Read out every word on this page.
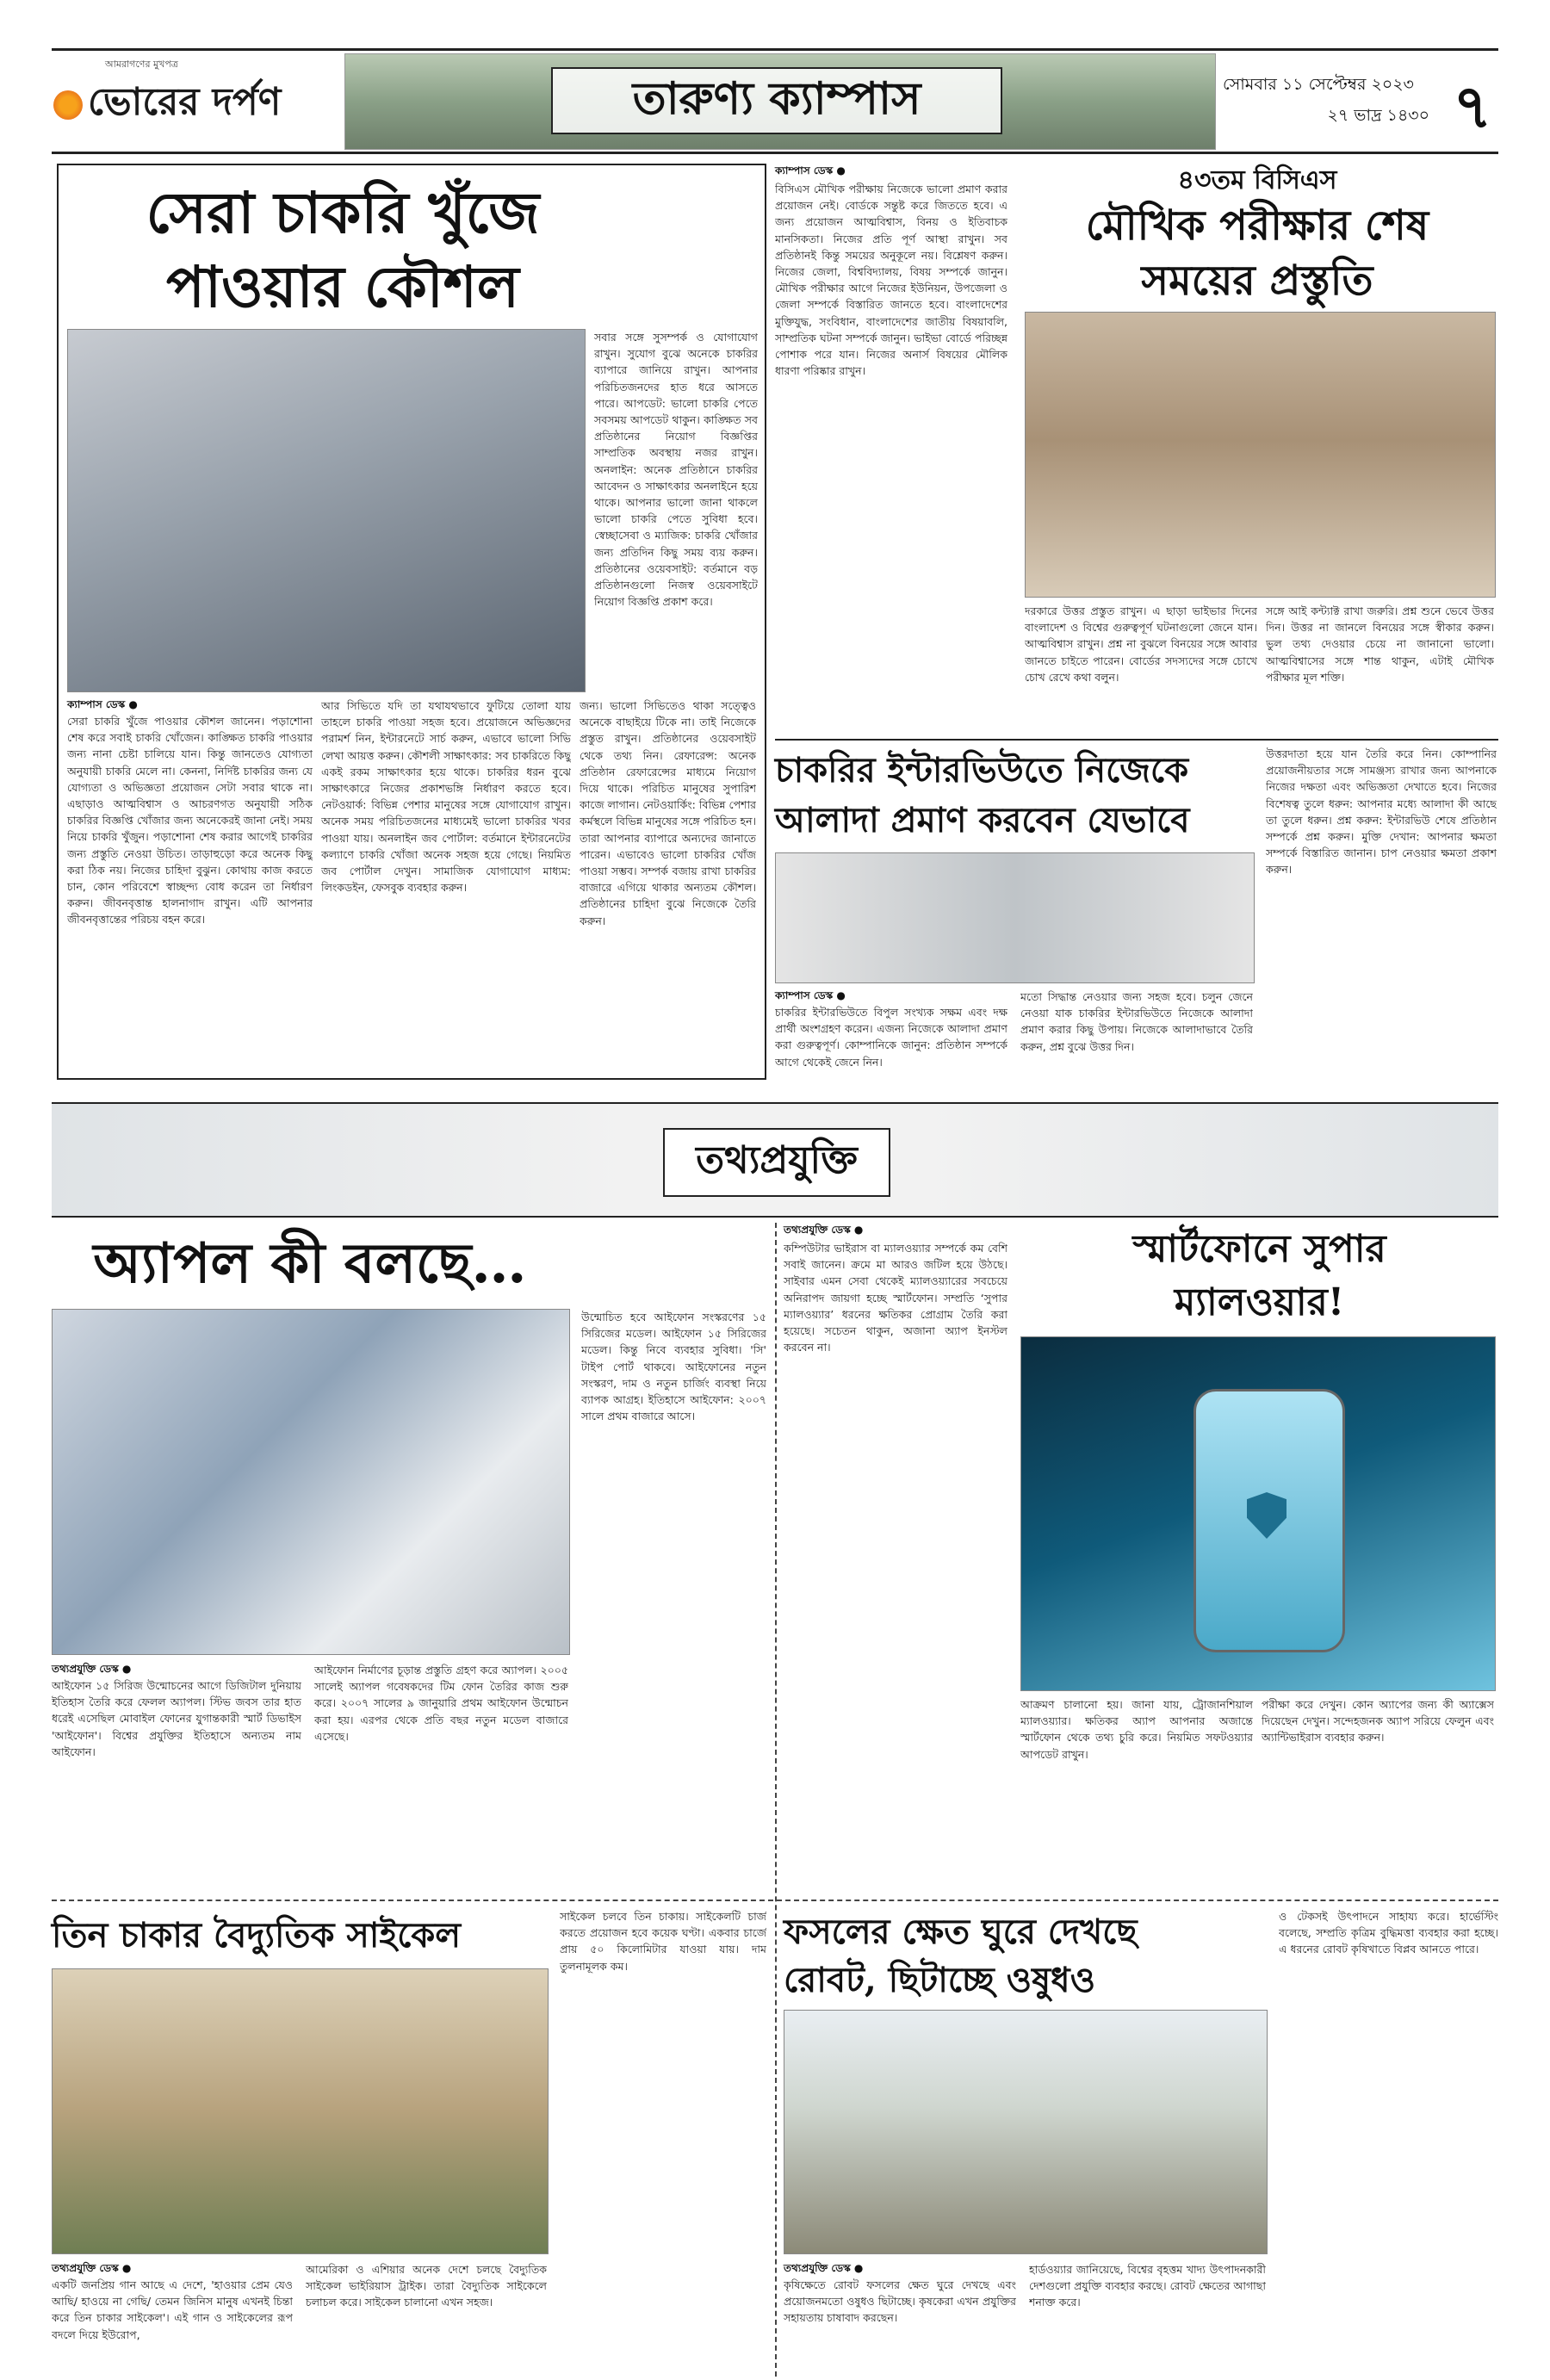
আমরাগণের মুখপত্র
ভোরের দর্পণ	তারুণ্য ক্যাম্পাস	সোমবার ১১ সেপ্টেম্বর ২০২৩
২৭ ভাদ্র ১৪৩০ ৭
সেরা চাকরি খুঁজে
পাওয়ার কৌশল
সবার সঙ্গে সুসম্পর্ক ও যোগাযোগ রাখুন। সুযোগ বুঝে অনেকে চাকরির ব্যাপারে জানিয়ে রাখুন। আপনার পরিচিতজনদের হাত ধরে আসতে পারে। আপডেট: ভালো চাকরি পেতে সবসময় আপডেট থাকুন। কাঙ্ক্ষিত সব প্রতিষ্ঠানের নিয়োগ বিজ্ঞপ্তির সাম্প্রতিক অবস্থায় নজর রাখুন। অনলাইন: অনেক প্রতিষ্ঠানে চাকরির আবেদন ও সাক্ষাৎকার অনলাইনে হয়ে থাকে। আপনার ভালো জানা থাকলে ভালো চাকরি পেতে সুবিধা হবে। স্বেচ্ছাসেবা ও ম্যাজিক: চাকরি খোঁজার জন্য প্রতিদিন কিছু সময় ব্যয় করুন। প্রতিষ্ঠানের ওয়েবসাইট: বর্তমানে বড় প্রতিষ্ঠানগুলো নিজস্ব ওয়েবসাইটে নিয়োগ বিজ্ঞপ্তি প্রকাশ করে।
ক্যাম্পাস ডেস্ক ●
সেরা চাকরি খুঁজে পাওয়ার কৌশল জানেন। পড়াশোনা শেষ করে সবাই চাকরি খোঁজেন। কাঙ্ক্ষিত চাকরি পাওয়ার জন্য নানা চেষ্টা চালিয়ে যান। কিন্তু জানতেও যোগ্যতা অনুযায়ী চাকরি মেলে না। কেননা, নির্দিষ্ট চাকরির জন্য যে যোগ্যতা ও অভিজ্ঞতা প্রয়োজন সেটা সবার থাকে না। এছাড়াও আত্মবিশ্বাস ও আচরণগত অনুযায়ী সঠিক চাকরির বিজ্ঞপ্তি খোঁজার জন্য অনেকেরই জানা নেই। সময় নিয়ে চাকরি খুঁজুন। পড়াশোনা শেষ করার আগেই চাকরির জন্য প্রস্তুতি নেওয়া উচিত। তাড়াহুড়ো করে অনেক কিছু করা ঠিক নয়। নিজের চাহিদা বুঝুন। কোথায় কাজ করতে চান, কোন পরিবেশে স্বাচ্ছন্দ্য বোধ করেন তা নির্ধারণ করুন। জীবনবৃত্তান্ত হালনাগাদ রাখুন। এটি আপনার জীবনবৃত্তান্তের পরিচয় বহন করে।
আর সিভিতে যদি তা যথাযথভাবে ফুটিয়ে তোলা যায় তাহলে চাকরি পাওয়া সহজ হবে। প্রয়োজনে অভিজ্ঞদের পরামর্শ নিন, ইন্টারনেটে সার্চ করুন, এভাবে ভালো সিভি লেখা আয়ত্ত করুন। কৌশলী সাক্ষাৎকার: সব চাকরিতে কিছু একই রকম সাক্ষাৎকার হয়ে থাকে। চাকরির ধরন বুঝে সাক্ষাৎকারে নিজের প্রকাশভঙ্গি নির্ধারণ করতে হবে। নেটওয়ার্ক: বিভিন্ন পেশার মানুষের সঙ্গে যোগাযোগ রাখুন। অনেক সময় পরিচিতজনের মাধ্যমেই ভালো চাকরির খবর পাওয়া যায়। অনলাইন জব পোর্টাল: বর্তমানে ইন্টারনেটের কল্যাণে চাকরি খোঁজা অনেক সহজ হয়ে গেছে। নিয়মিত জব পোর্টাল দেখুন। সামাজিক যোগাযোগ মাধ্যম: লিংকডইন, ফেসবুক ব্যবহার করুন।
জন্য। ভালো সিভিতেও থাকা সত্ত্বেও অনেকে বাছাইয়ে টিকে না। তাই নিজেকে প্রস্তুত রাখুন। প্রতিষ্ঠানের ওয়েবসাইট থেকে তথ্য নিন। রেফারেন্স: অনেক প্রতিষ্ঠান রেফারেন্সের মাধ্যমে নিয়োগ দিয়ে থাকে। পরিচিত মানুষের সুপারিশ কাজে লাগান। নেটওয়ার্কিং: বিভিন্ন পেশার কর্মস্থলে বিভিন্ন মানুষের সঙ্গে পরিচিত হন। তারা আপনার ব্যাপারে অন্যদের জানাতে পারেন। এভাবেও ভালো চাকরির খোঁজ পাওয়া সম্ভব। সম্পর্ক বজায় রাখা চাকরির বাজারে এগিয়ে থাকার অন্যতম কৌশল। প্রতিষ্ঠানের চাহিদা বুঝে নিজেকে তৈরি করুন।
ক্যাম্পাস ডেস্ক ●
বিসিএস মৌখিক পরীক্ষায় নিজেকে ভালো প্রমাণ করার প্রয়োজন নেই। বোর্ডকে সন্তুষ্ট করে জিততে হবে। এ জন্য প্রয়োজন আত্মবিশ্বাস, বিনয় ও ইতিবাচক মানসিকতা। নিজের প্রতি পূর্ণ আস্থা রাখুন। সব প্রতিষ্ঠানই কিন্তু সময়ের অনুকূলে নয়। বিশ্লেষণ করুন। নিজের জেলা, বিশ্ববিদ্যালয়, বিষয় সম্পর্কে জানুন। মৌখিক পরীক্ষার আগে নিজের ইউনিয়ন, উপজেলা ও জেলা সম্পর্কে বিস্তারিত জানতে হবে। বাংলাদেশের মুক্তিযুদ্ধ, সংবিধান, বাংলাদেশের জাতীয় বিষয়াবলি, সাম্প্রতিক ঘটনা সম্পর্কে জানুন। ভাইভা বোর্ডে পরিচ্ছন্ন পোশাক পরে যান। নিজের অনার্স বিষয়ের মৌলিক ধারণা পরিষ্কার রাখুন।
৪৩তম বিসিএস
মৌখিক পরীক্ষার শেষ
সময়ের প্রস্তুতি
দরকারে উত্তর প্রস্তুত রাখুন। এ ছাড়া ভাইভার দিনের বাংলাদেশ ও বিশ্বের গুরুত্বপূর্ণ ঘটনাগুলো জেনে যান। আত্মবিশ্বাস রাখুন। প্রশ্ন না বুঝলে বিনয়ের সঙ্গে আবার জানতে চাইতে পারেন। বোর্ডের সদস্যদের সঙ্গে চোখে চোখ রেখে কথা বলুন।
সঙ্গে আই কন্ট্যাক্ট রাখা জরুরি। প্রশ্ন শুনে ভেবে উত্তর দিন। উত্তর না জানলে বিনয়ের সঙ্গে স্বীকার করুন। ভুল তথ্য দেওয়ার চেয়ে না জানানো ভালো। আত্মবিশ্বাসের সঙ্গে শান্ত থাকুন, এটাই মৌখিক পরীক্ষার মূল শক্তি।
চাকরির ইন্টারভিউতে নিজেকে
আলাদা প্রমাণ করবেন যেভাবে
ক্যাম্পাস ডেস্ক ●
চাকরির ইন্টারভিউতে বিপুল সংখ্যক সক্ষম এবং দক্ষ প্রার্থী অংশগ্রহণ করেন। এজন্য নিজেকে আলাদা প্রমাণ করা গুরুত্বপূর্ণ। কোম্পানিকে জানুন: প্রতিষ্ঠান সম্পর্কে আগে থেকেই জেনে নিন।
মতো সিদ্ধান্ত নেওয়ার জন্য সহজ হবে। চলুন জেনে নেওয়া যাক চাকরির ইন্টারভিউতে নিজেকে আলাদা প্রমাণ করার কিছু উপায়। নিজেকে আলাদাভাবে তৈরি করুন, প্রশ্ন বুঝে উত্তর দিন।
উত্তরদাতা হয়ে যান তৈরি করে নিন। কোম্পানির প্রয়োজনীয়তার সঙ্গে সামঞ্জস্য রাখার জন্য আপনাকে নিজের দক্ষতা এবং অভিজ্ঞতা দেখাতে হবে। নিজের বিশেষত্ব তুলে ধরুন: আপনার মধ্যে আলাদা কী আছে তা তুলে ধরুন। প্রশ্ন করুন: ইন্টারভিউ শেষে প্রতিষ্ঠান সম্পর্কে প্রশ্ন করুন। মুক্তি দেখান: আপনার ক্ষমতা সম্পর্কে বিস্তারিত জানান। চাপ নেওয়ার ক্ষমতা প্রকাশ করুন।
তথ্যপ্রযুক্তি
অ্যাপল কী বলছে…
উন্মোচিত হবে আইফোন সংস্করণের ১৫ সিরিজের মডেল। আইফোন ১৫ সিরিজের মডেল। কিন্তু নিবে ব্যবহার সুবিধা। 'সি' টাইপ পোর্ট থাকবে। আইফোনের নতুন সংস্করণ, দাম ও নতুন চার্জিং ব্যবস্থা নিয়ে ব্যাপক আগ্রহ। ইতিহাসে আইফোন: ২০০৭ সালে প্রথম বাজারে আসে।
তথ্যপ্রযুক্তি ডেস্ক ●
আইফোন ১৫ সিরিজ উন্মোচনের আগে ডিজিটাল দুনিয়ায় ইতিহাস তৈরি করে ফেলল অ্যাপল। স্টিভ জবস তার হাত ধরেই এসেছিল মোবাইল ফোনের যুগান্তকারী স্মার্ট ডিভাইস 'আইফোন'। বিশ্বের প্রযুক্তির ইতিহাসে অন্যতম নাম আইফোন।
আইফোন নির্মাণের চূড়ান্ত প্রস্তুতি গ্রহণ করে অ্যাপল। ২০০৫ সালেই অ্যাপল গবেষকদের টিম ফোন তৈরির কাজ শুরু করে। ২০০৭ সালের ৯ জানুয়ারি প্রথম আইফোন উন্মোচন করা হয়। এরপর থেকে প্রতি বছর নতুন মডেল বাজারে এসেছে।
তথ্যপ্রযুক্তি ডেস্ক ●
কম্পিউটার ভাইরাস বা ম্যালওয়্যার সম্পর্কে কম বেশি সবাই জানেন। ক্রমে মা আরও জটিল হয়ে উঠছে। সাইবার এমন সেবা থেকেই ম্যালওয়্যারের সবচেয়ে অনিরাপদ জায়গা হচ্ছে স্মার্টফোন। সম্প্রতি ‘সুপার ম্যালওয়্যার’ ধরনের ক্ষতিকর প্রোগ্রাম তৈরি করা হয়েছে। সচেতন থাকুন, অজানা অ্যাপ ইনস্টল করবেন না।
স্মার্টফোনে সুপার
ম্যালওয়ার!
আক্রমণ চালানো হয়। জানা যায়, ট্রোজানশিয়াল ম্যালওয়্যার। ক্ষতিকর অ্যাপ আপনার অজান্তে স্মার্টফোন থেকে তথ্য চুরি করে। নিয়মিত সফটওয়্যার আপডেট রাখুন।
পরীক্ষা করে দেখুন। কোন অ্যাপের জন্য কী অ্যাক্সেস দিয়েছেন দেখুন। সন্দেহজনক অ্যাপ সরিয়ে ফেলুন এবং অ্যান্টিভাইরাস ব্যবহার করুন।
তিন চাকার বৈদ্যুতিক সাইকেল	সাইকেল চলবে তিন চাকায়। সাইকেলটি চার্জ করতে প্রয়োজন হবে কয়েক ঘণ্টা। একবার চার্জে প্রায় ৫০ কিলোমিটার যাওয়া যায়। দাম তুলনামূলক কম।
তথ্যপ্রযুক্তি ডেস্ক ●
একটি জনপ্রিয় গান আছে এ দেশে, 'হাওয়ার প্রেম যেও আছি/ হাওয়ে না গেছি/ তেমন জিনিস মানুষ এখনই চিন্তা করে তিন চাকার সাইকেল'। এই গান ও সাইকেলের রূপ বদলে দিয়ে ইউরোপ,
আমেরিকা ও এশিয়ার অনেক দেশে চলছে বৈদ্যুতিক সাইকেল ভাইরিয়াস ট্রাইক। তারা বৈদ্যুতিক সাইকেলে চলাচল করে। সাইকেল চালানো এখন সহজ।
ফসলের ক্ষেত ঘুরে দেখছে
রোবট, ছিটাচ্ছে ওষুধও
ও টেকসই উৎপাদনে সাহায্য করে। হার্ভেস্টিং বলেছে, সম্প্রতি কৃত্রিম বুদ্ধিমত্তা ব্যবহার করা হচ্ছে। এ ধরনের রোবট কৃষিখাতে বিপ্লব আনতে পারে।
তথ্যপ্রযুক্তি ডেস্ক ●
কৃষিক্ষেতে রোবট ফসলের ক্ষেত ঘুরে দেখছে এবং প্রয়োজনমতো ওষুধও ছিটাচ্ছে। কৃষকেরা এখন প্রযুক্তির সহায়তায় চাষাবাদ করছেন।
হার্ডওয়্যার জানিয়েছে, বিশ্বের বৃহত্তম খাদ্য উৎপাদনকারী দেশগুলো প্রযুক্তি ব্যবহার করছে। রোবট ক্ষেতের আগাছা শনাক্ত করে।
